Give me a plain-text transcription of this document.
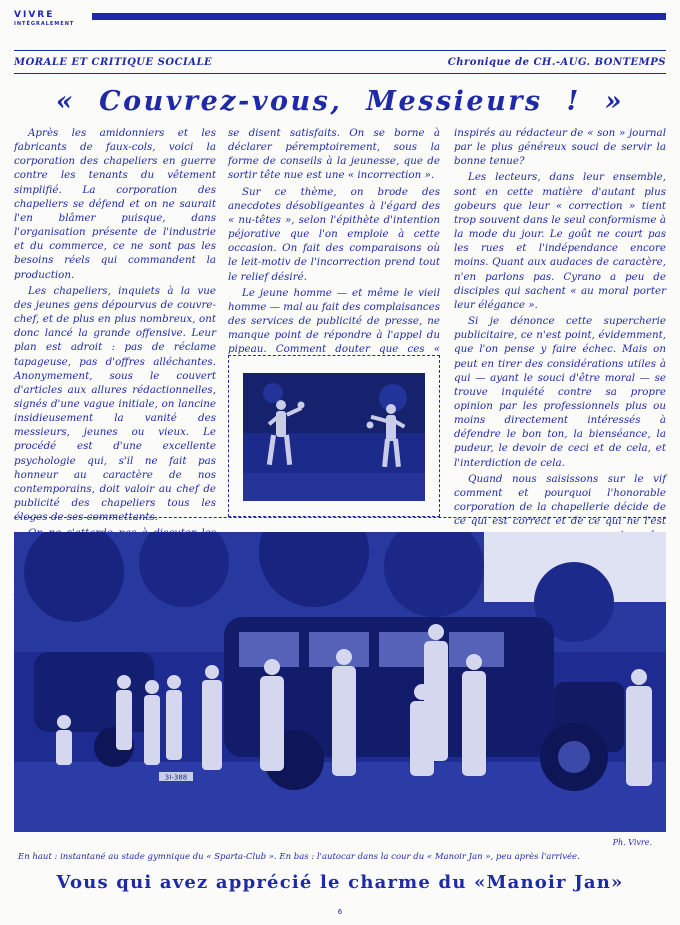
VIVRE
INTÉGRALEMENT
MORALE ET CRITIQUE SOCIALE	Chronique de CH.-AUG. BONTEMPS
« Couvrez-vous, Messieurs ! »

Après les amidonniers et les fabricants de faux-cols, voici la corporation des chapeliers en guerre contre les tenants du vêtement simplifié. La corporation des chapeliers se défend et on ne saurait l'en blâmer puisque, dans l'organisation présente de l'industrie et du commerce, ce ne sont pas les besoins réels qui commandent la production.

Les chapeliers, inquiets à la vue des jeunes gens dépourvus de couvre-chef, et de plus en plus nombreux, ont donc lancé la grande offensive. Leur plan est adroit : pas de réclame tapageuse, pas d'offres alléchantes. Anonymement, sous le couvert d'articles aux allures rédactionnelles, signés d'une vague initiale, on lancine insidieusement la vanité des messieurs, jeunes ou vieux. Le procédé est d'une excellente psychologie qui, s'il ne fait pas honneur au caractère de nos contemporains, doit valoir au chef de publicité des chapeliers tous les éloges de ses commettants.

se disent satisfaits. On se borne à déclarer péremptoirement, sous la forme de conseils à la jeunesse, que de sortir tête nue est une « incorrection ».

Sur ce thème, on brode des anecdotes désobligeantes à l'égard des « nu-têtes », selon l'épithète d'intention péjorative que l'on emploie à cette occasion. On fait des comparaisons où le leit-motiv de l'incorrection prend tout le relief désiré.

Le jeune homme — et même le vieil homme — mal au fait des complaisances des services de publicité de presse, ne manque point de répondre à l'appel du pipeau. Comment douter que ces «

inspirés au rédacteur de « son » journal par le plus généreux souci de servir la bonne tenue?

Les lecteurs, dans leur ensemble, sont en cette matière d'autant plus gobeurs que leur « correction » tient trop souvent dans le seul conformisme à la mode du jour. Le goût ne court pas les rues et l'indépendance encore moins. Quant aux audaces de caractère, n'en parlons pas. Cyrano a peu de disciples qui sachent « au moral porter leur élégance ».

Si je dénonce cette supercherie publicitaire, ce n'est point, évidemment, que l'on pense y faire échec. Mais on peut en tirer des considérations utiles à qui — ayant le souci d'être moral — se trouve inquiété contre sa propre opinion par les professionnels plus ou moins directement intéressés à défendre le bon ton, la bienséance, la pudeur, le devoir de ceci et de cela, et l'interdiction de cela.

Quand nous saisissons sur le vif comment et pourquoi l'honorable corporation de la chapellerie décide de ce qui est correct et de ce qui ne l'est

3I-388
Ph. Vivre.
En haut : instantané au stade gymnique du « Sparta-Club ». En bas : l'autocar dans la cour du « Manoir Jan », peu après l'arrivée.
Vous qui avez apprécié le charme du «Manoir Jan»
6
